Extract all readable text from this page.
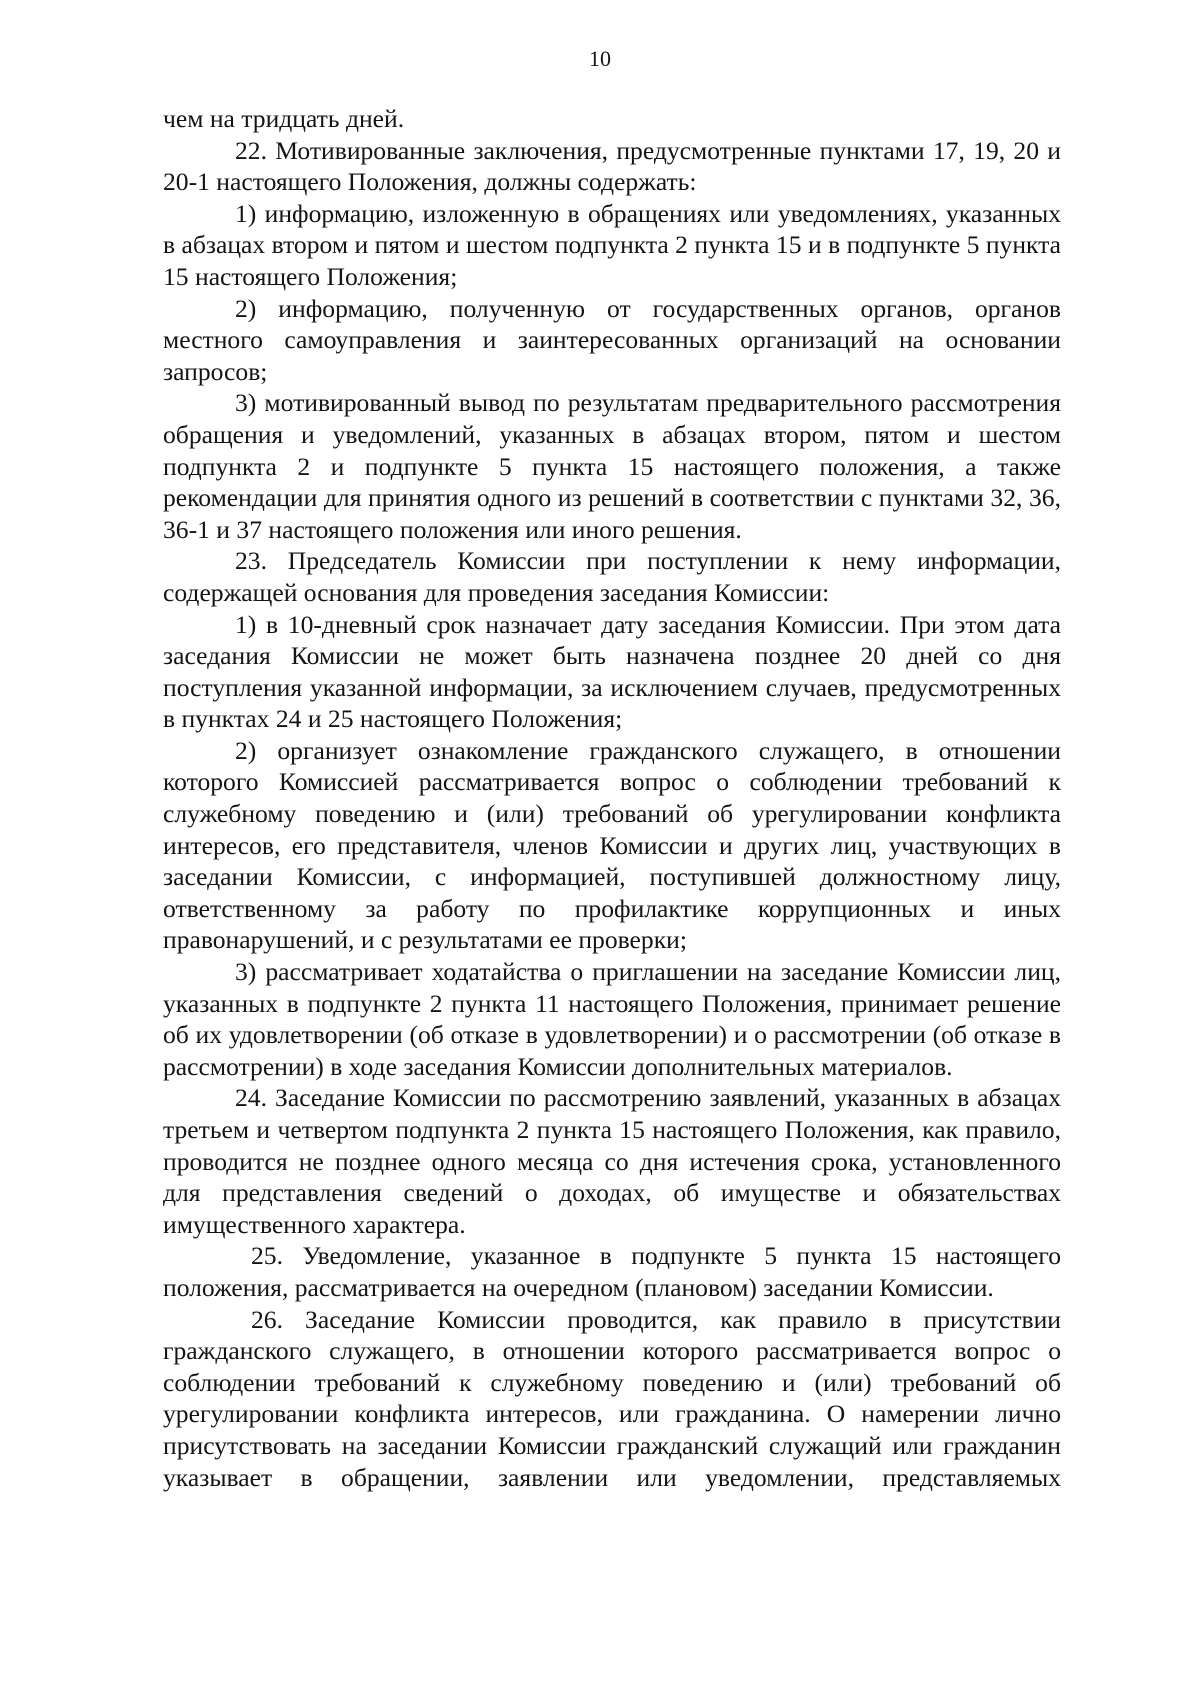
10

чем на тридцать дней.

22. Мотивированные заключения, предусмотренные пунктами 17, 19, 20 и 20-1 настоящего Положения, должны содержать:

1) информацию, изложенную в обращениях или уведомлениях, указанных в абзацах втором и пятом и шестом подпункта 2 пункта 15 и в подпункте 5 пункта 15 настоящего Положения;

2) информацию, полученную от государственных органов, органов местного самоуправления и заинтересованных организаций на основании запросов;

3) мотивированный вывод по результатам предварительного рассмотрения обращения и уведомлений, указанных в абзацах втором, пятом и шестом подпункта 2 и подпункте 5 пункта 15 настоящего положения, а также рекомендации для принятия одного из решений в соответствии с пунктами 32, 36, 36-1 и 37 настоящего положения или иного решения.

23. Председатель Комиссии при поступлении к нему информации, содержащей основания для проведения заседания Комиссии:

1) в 10-дневный срок назначает дату заседания Комиссии. При этом дата заседания Комиссии не может быть назначена позднее 20 дней со дня поступления указанной информации, за исключением случаев, предусмотренных в пунктах 24 и 25 настоящего Положения;

2) организует ознакомление гражданского служащего, в отношении которого Комиссией рассматривается вопрос о соблюдении требований к служебному поведению и (или) требований об урегулировании конфликта интересов, его представителя, членов Комиссии и других лиц, участвующих в заседании Комиссии, с информацией, поступившей должностному лицу, ответственному за работу по профилактике коррупционных и иных правонарушений, и с результатами ее проверки;

3) рассматривает ходатайства о приглашении на заседание Комиссии лиц, указанных в подпункте 2 пункта 11 настоящего Положения, принимает решение об их удовлетворении (об отказе в удовлетворении) и о рассмотрении (об отказе в рассмотрении) в ходе заседания Комиссии дополнительных материалов.

24. Заседание Комиссии по рассмотрению заявлений, указанных в абзацах третьем и четвертом подпункта 2 пункта 15 настоящего Положения, как правило, проводится не позднее одного месяца со дня истечения срока, установленного для представления сведений о доходах, об имуществе и обязательствах имущественного характера.

25. Уведомление, указанное в подпункте 5 пункта 15 настоящего положения, рассматривается на очередном (плановом) заседании Комиссии.

26. Заседание Комиссии проводится, как правило в присутствии гражданского служащего, в отношении которого рассматривается вопрос о соблюдении требований к служебному поведению и (или) требований об урегулировании конфликта интересов, или гражданина. О намерении лично присутствовать на заседании Комиссии гражданский служащий или гражданин указывает в обращении, заявлении или уведомлении, представляемых
